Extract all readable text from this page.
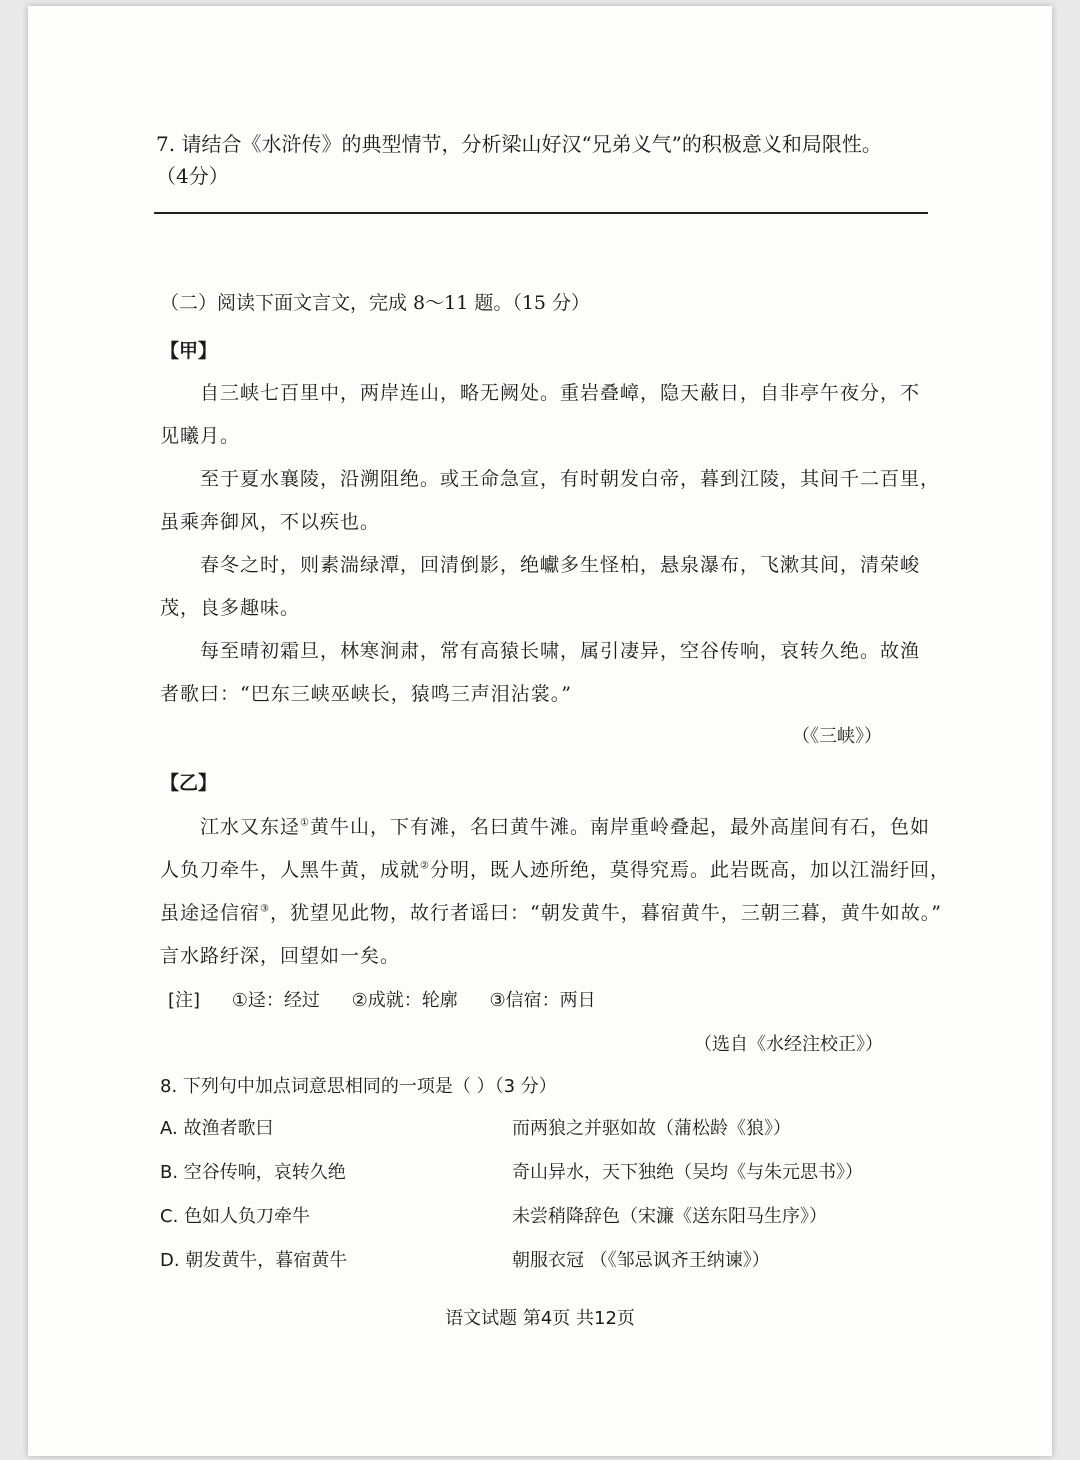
7. 请结合《水浒传》的典型情节，分析梁山好汉“兄弟义气”的积极意义和局限性。
（4分）
（二）阅读下面文言文，完成 8～11 题。（15 分）
【甲】
自三峡七百里中，两岸连山，略无阙处。重岩叠嶂，隐天蔽日，自非亭午夜分，不
见曦月。
至于夏水襄陵，沿溯阻绝。或王命急宣，有时朝发白帝，暮到江陵，其间千二百里，
虽乘奔御风，不以疾也。
春冬之时，则素湍绿潭，回清倒影，绝巘多生怪柏，悬泉瀑布，飞漱其间，清荣峻
茂，良多趣味。
每至晴初霜旦，林寒涧肃，常有高猿长啸，属引凄异，空谷传响，哀转久绝。故渔
者歌曰：“巴东三峡巫峡长，猿鸣三声泪沾裳。”
（《三峡》）
【乙】
江水又东迳①黄牛山，下有滩，名曰黄牛滩。南岸重岭叠起，最外高崖间有石，色如
人负刀牵牛，人黑牛黄，成就②分明，既人迹所绝，莫得究焉。此岩既高，加以江湍纡回，
虽途迳信宿③，犹望见此物，故行者谣曰：“朝发黄牛，暮宿黄牛，三朝三暮，黄牛如故。”
言水路纡深，回望如一矣。
[注] ①迳：经过 ②成就：轮廓 ③信宿：两日
（选自《水经注校正》）
8. 下列句中加点词意思相同的一项是（ ）（3 分）
A. 故渔者歌曰	而两狼之并驱如故（蒲松龄《狼》）
B. 空谷传响，哀转久绝	奇山异水，天下独绝（吴均《与朱元思书》）
C. 色如人负刀牵牛	未尝稍降辞色（宋濂《送东阳马生序》）
D. 朝发黄牛，暮宿黄牛	朝服衣冠 （《邹忌讽齐王纳谏》）
语文试题 第4页 共12页
